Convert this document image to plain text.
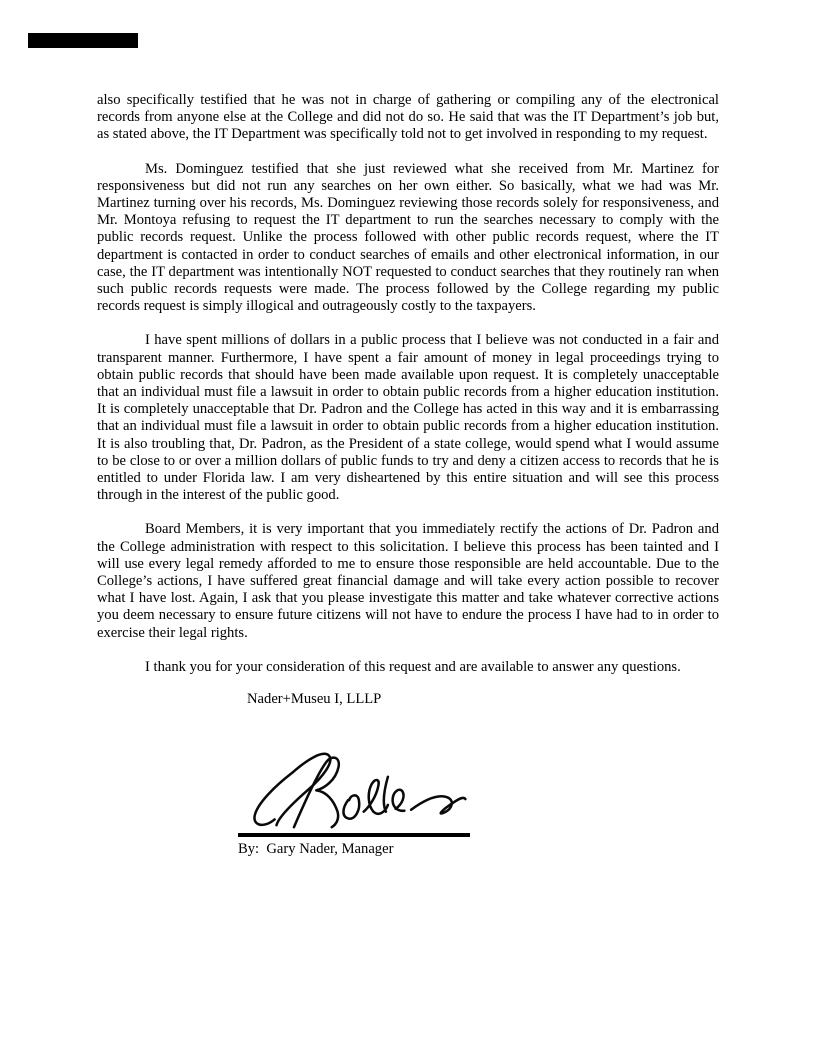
also specifically testified that he was not in charge of gathering or compiling any of the electronical records from anyone else at the College and did not do so. He said that was the IT Department’s job but, as stated above, the IT Department was specifically told not to get involved in responding to my request.

Ms. Dominguez testified that she just reviewed what she received from Mr. Martinez for responsiveness but did not run any searches on her own either. So basically, what we had was Mr. Martinez turning over his records, Ms. Dominguez reviewing those records solely for responsiveness, and Mr. Montoya refusing to request the IT department to run the searches necessary to comply with the public records request. Unlike the process followed with other public records request, where the IT department is contacted in order to conduct searches of emails and other electronical information, in our case, the IT department was intentionally NOT requested to conduct searches that they routinely ran when such public records requests were made. The process followed by the College regarding my public records request is simply illogical and outrageously costly to the taxpayers.

I have spent millions of dollars in a public process that I believe was not conducted in a fair and transparent manner. Furthermore, I have spent a fair amount of money in legal proceedings trying to obtain public records that should have been made available upon request. It is completely unacceptable that an individual must file a lawsuit in order to obtain public records from a higher education institution. It is completely unacceptable that Dr. Padron and the College has acted in this way and it is embarrassing that an individual must file a lawsuit in order to obtain public records from a higher education institution. It is also troubling that, Dr. Padron, as the President of a state college, would spend what I would assume to be close to or over a million dollars of public funds to try and deny a citizen access to records that he is entitled to under Florida law. I am very disheartened by this entire situation and will see this process through in the interest of the public good.

Board Members, it is very important that you immediately rectify the actions of Dr. Padron and the College administration with respect to this solicitation. I believe this process has been tainted and I will use every legal remedy afforded to me to ensure those responsible are held accountable. Due to the College’s actions, I have suffered great financial damage and will take every action possible to recover what I have lost. Again, I ask that you please investigate this matter and take whatever corrective actions you deem necessary to ensure future citizens will not have to endure the process I have had to in order to exercise their legal rights.

I thank you for your consideration of this request and are available to answer any questions.

Nader+Museu I, LLLP
By:  Gary Nader, Manager
